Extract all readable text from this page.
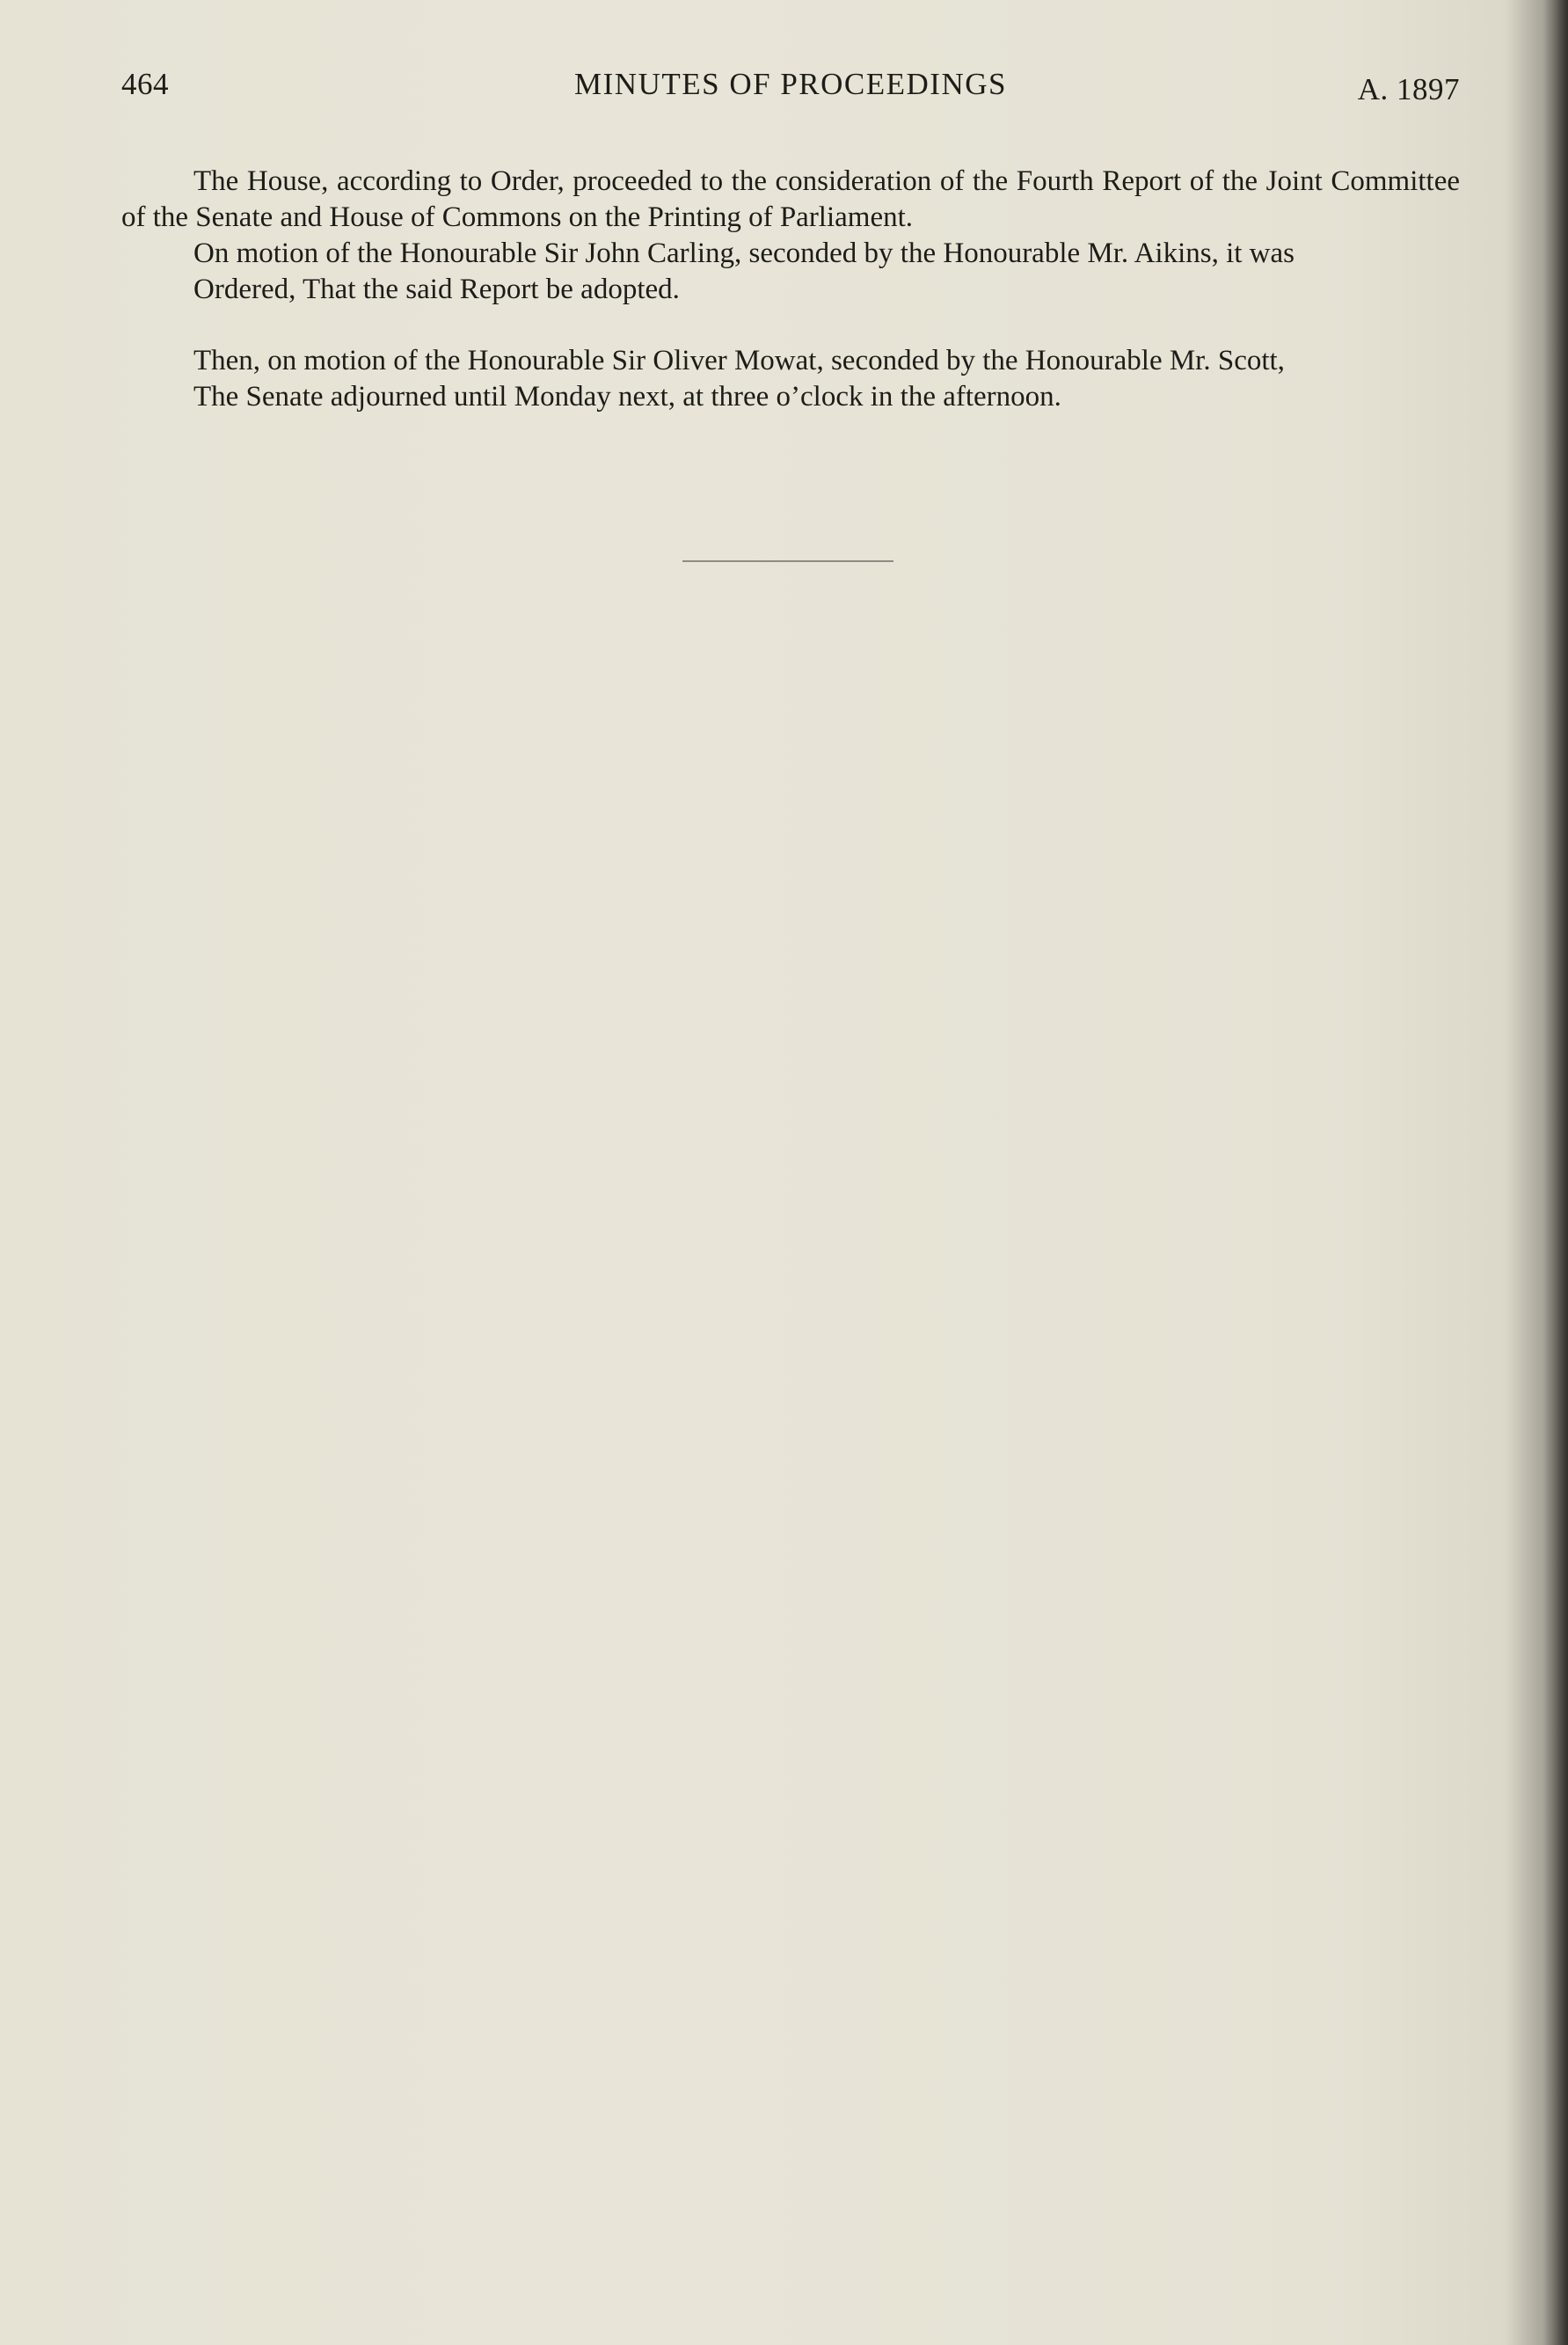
464	MINUTES OF PROCEEDINGS	A. 1897

The House, according to Order, proceeded to the consideration of the Fourth Report of the Joint Committee of the Senate and House of Commons on the Printing of Parliament.

On motion of the Honourable Sir John Carling, seconded by the Honourable Mr. Aikins, it was

Ordered, That the said Report be adopted.

Then, on motion of the Honourable Sir Oliver Mowat, seconded by the Honourable Mr. Scott,

The Senate adjourned until Monday next, at three o’clock in the afternoon.
